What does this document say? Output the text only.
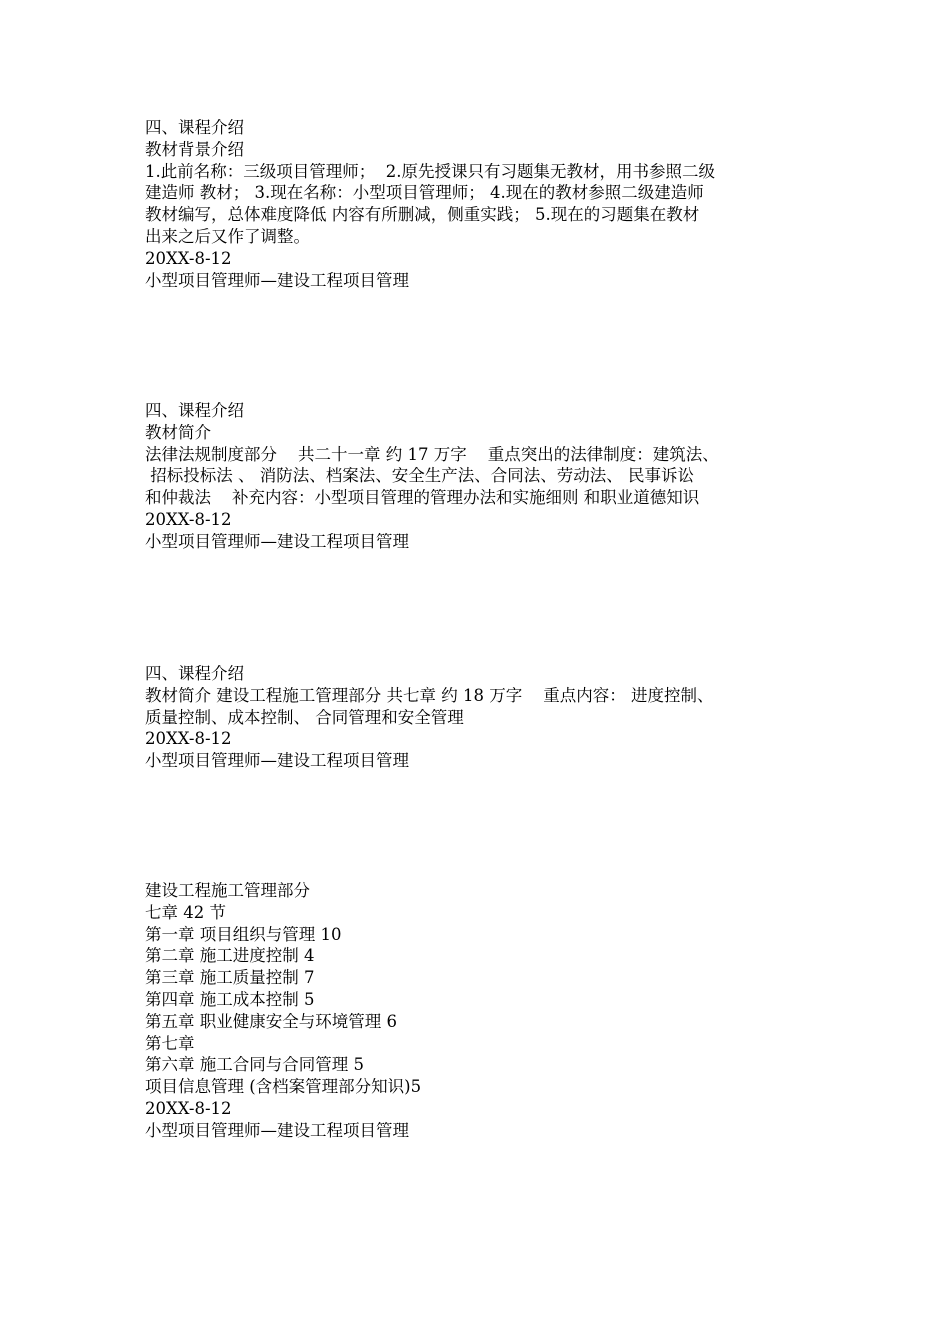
四、课程介绍
教材背景介绍
1.此前名称：三级项目管理师；  2.原先授课只有习题集无教材，用书参照二级
建造师 教材； 3.现在名称：小型项目管理师； 4.现在的教材参照二级建造师
教材编写，总体难度降低 内容有所删减，侧重实践； 5.现在的习题集在教材
出来之后又作了调整。
20XX-8-12
小型项目管理师—建设工程项目管理
四、课程介绍
教材简介
法律法规制度部分    共二十一章 约 17 万字    重点突出的法律制度：建筑法、
招标投标法 、 消防法、档案法、安全生产法、合同法、劳动法、 民事诉讼
和仲裁法    补充内容：小型项目管理的管理办法和实施细则 和职业道德知识
20XX-8-12
小型项目管理师—建设工程项目管理
四、课程介绍
教材简介 建设工程施工管理部分 共七章 约 18 万字    重点内容： 进度控制、
质量控制、成本控制、 合同管理和安全管理
20XX-8-12
小型项目管理师—建设工程项目管理
建设工程施工管理部分
七章 42 节
第一章 项目组织与管理 10
第二章 施工进度控制 4
第三章 施工质量控制 7
第四章 施工成本控制 5
第五章 职业健康安全与环境管理 6
第七章
第六章 施工合同与合同管理 5
项目信息管理 (含档案管理部分知识)5
20XX-8-12
小型项目管理师—建设工程项目管理
